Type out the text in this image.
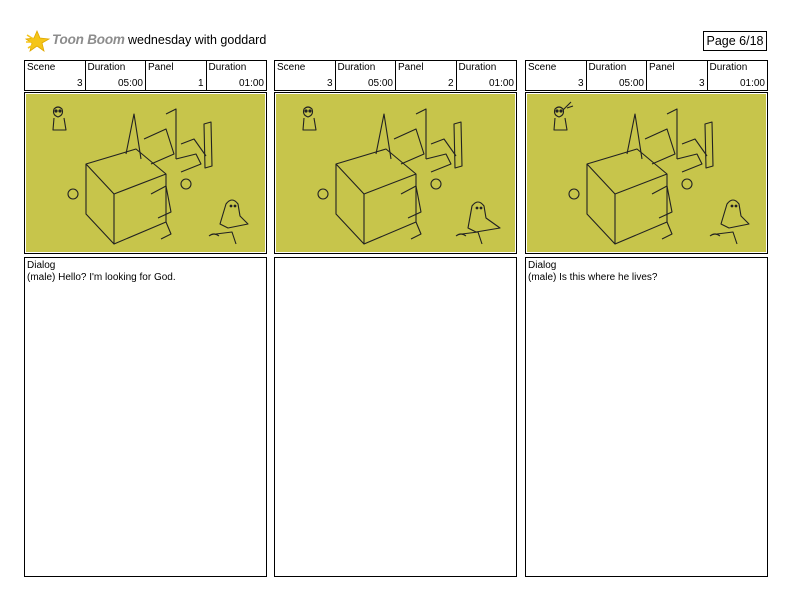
Toon Boom wednesday with goddard	Page 6/18
Scene
3
Duration
05:00
Panel
1
Duration
01:00
Dialog
(male) Hello? I'm looking for God.
Scene
3
Duration
05:00
Panel
2
Duration
01:00
Scene
3
Duration
05:00
Panel
3
Duration
01:00
Dialog
(male) Is this where he lives?
